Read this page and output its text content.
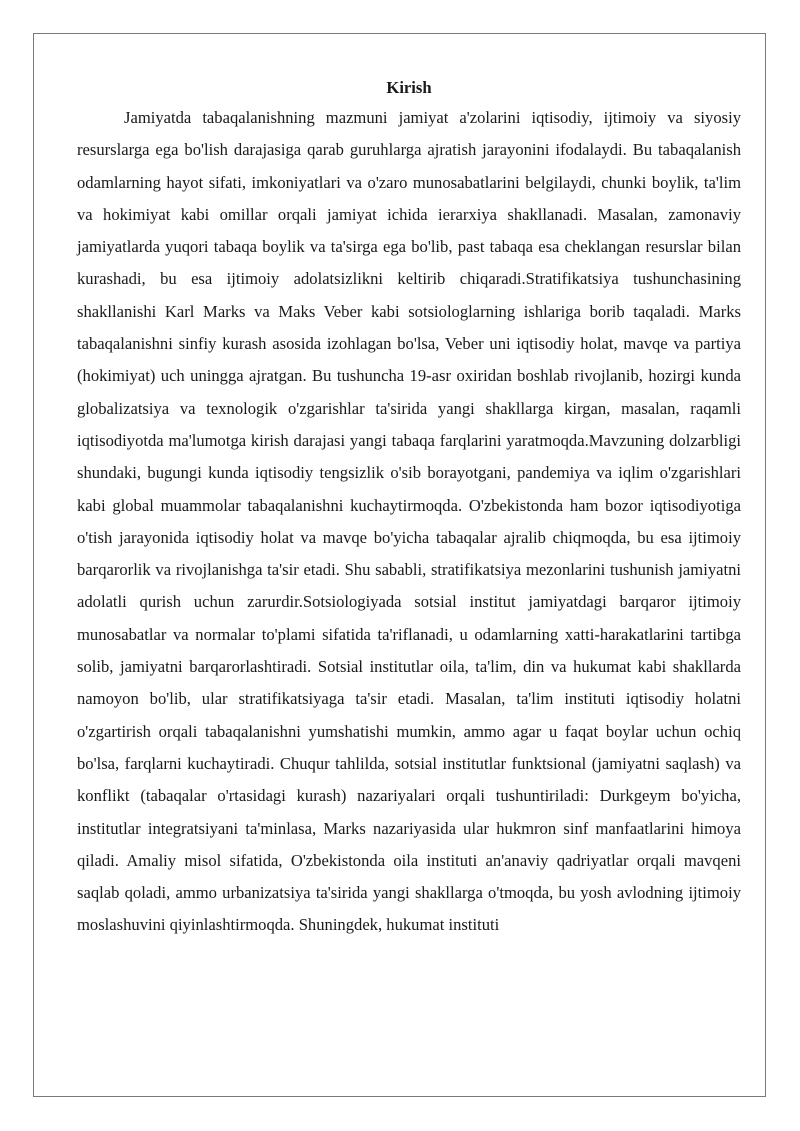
Kirish

Jamiyatda tabaqalanishning mazmuni jamiyat a'zolarini iqtisodiy, ijtimoiy va siyosiy resurslarga ega bo'lish darajasiga qarab guruhlarga ajratish jarayonini ifodalaydi. Bu tabaqalanish odamlarning hayot sifati, imkoniyatlari va o'zaro munosabatlarini belgilaydi, chunki boylik, ta'lim va hokimiyat kabi omillar orqali jamiyat ichida ierarxiya shakllanadi. Masalan, zamonaviy jamiyatlarda yuqori tabaqa boylik va ta'sirga ega bo'lib, past tabaqa esa cheklangan resurslar bilan kurashadi, bu esa ijtimoiy adolatsizlikni keltirib chiqaradi.Stratifikatsiya tushunchasining shakllanishi Karl Marks va Maks Veber kabi sotsiologlarning ishlariga borib taqaladi. Marks tabaqalanishni sinfiy kurash asosida izohlagan bo'lsa, Veber uni iqtisodiy holat, mavqe va partiya (hokimiyat) uch uningga ajratgan. Bu tushuncha 19-asr oxiridan boshlab rivojlanib, hozirgi kunda globalizatsiya va texnologik o'zgarishlar ta'sirida yangi shakllarga kirgan, masalan, raqamli iqtisodiyotda ma'lumotga kirish darajasi yangi tabaqa farqlarini yaratmoqda.Mavzuning dolzarbligi shundaki, bugungi kunda iqtisodiy tengsizlik o'sib borayotgani, pandemiya va iqlim o'zgarishlari kabi global muammolar tabaqalanishni kuchaytirmoqda. O'zbekistonda ham bozor iqtisodiyotiga o'tish jarayonida iqtisodiy holat va mavqe bo'yicha tabaqalar ajralib chiqmoqda, bu esa ijtimoiy barqarorlik va rivojlanishga ta'sir etadi. Shu sababli, stratifikatsiya mezonlarini tushunish jamiyatni adolatli qurish uchun zarurdir.Sotsiologiyada sotsial institut jamiyatdagi barqaror ijtimoiy munosabatlar va normalar to'plami sifatida ta'riflanadi, u odamlarning xatti-harakatlarini tartibga solib, jamiyatni barqarorlashtiradi. Sotsial institutlar oila, ta'lim, din va hukumat kabi shakllarda namoyon bo'lib, ular stratifikatsiyaga ta'sir etadi. Masalan, ta'lim instituti iqtisodiy holatni o'zgartirish orqali tabaqalanishni yumshatishi mumkin, ammo agar u faqat boylar uchun ochiq bo'lsa, farqlarni kuchaytiradi. Chuqur tahlilda, sotsial institutlar funktsional (jamiyatni saqlash) va konflikt (tabaqalar o'rtasidagi kurash) nazariyalari orqali tushuntiriladi: Durkgeym bo'yicha, institutlar integratsiyani ta'minlasa, Marks nazariyasida ular hukmron sinf manfaatlarini himoya qiladi. Amaliy misol sifatida, O'zbekistonda oila instituti an'anaviy qadriyatlar orqali mavqeni saqlab qoladi, ammo urbanizatsiya ta'sirida yangi shakllarga o'tmoqda, bu yosh avlodning ijtimoiy moslashuvini qiyinlashtirmoqda. Shuningdek, hukumat instituti
